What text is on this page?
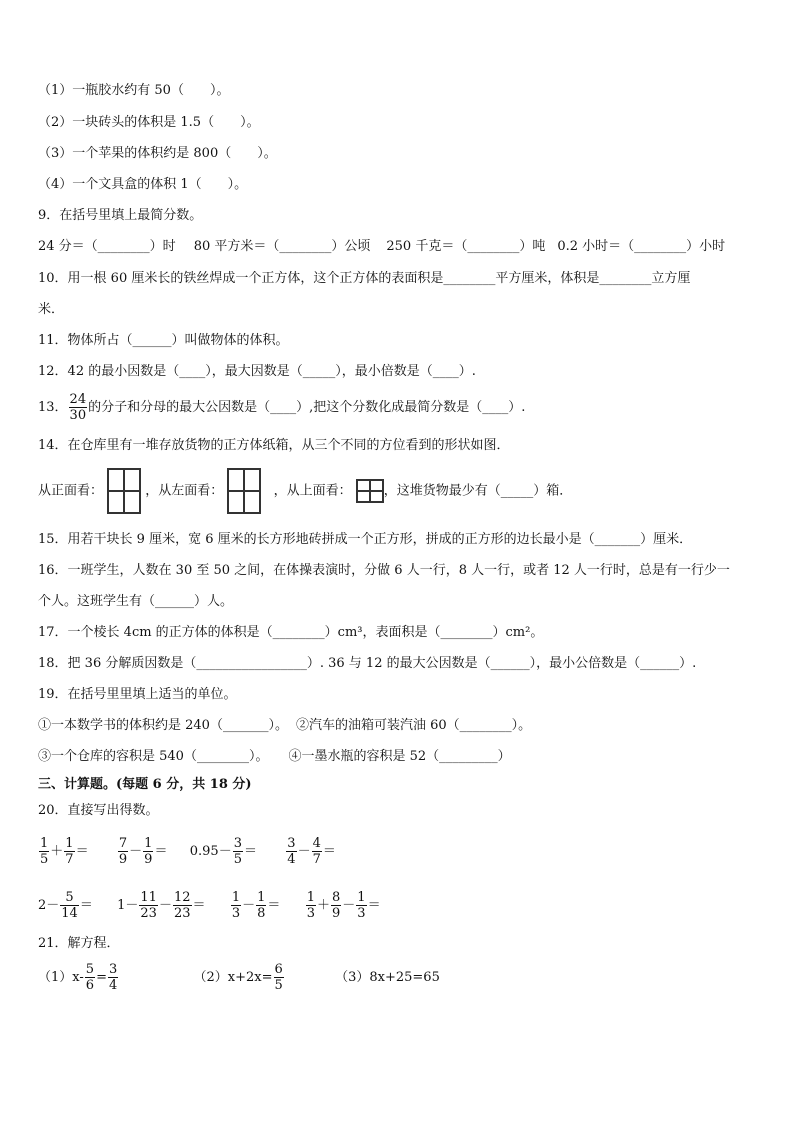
（1）一瓶胶水约有 50（　　）。
（2）一块砖头的体积是 1.5（　　）。
（3）一个苹果的体积约是 800（　　）。
（4）一个文具盒的体积 1（　　）。
9．在括号里填上最简分数。
24 分＝（________）时 80 平方米＝（________）公顷 250 千克＝（________）吨 0.2 小时＝（________）小时
10．用一根 60 厘米长的铁丝焊成一个正方体，这个正方体的表面积是________平方厘米，体积是________立方厘
米．
11．物体所占（______）叫做物体的体积。
12．42 的最小因数是（____），最大因数是（_____），最小倍数是（____）.
13． $\frac{24}{30}$ 的分子和分母的最大公因数是（____）,把这个分数化成最简分数是（____）.
14．在仓库里有一堆存放货物的正方体纸箱，从三个不同的方位看到的形状如图．
从正面看：	，从左面看：	，从上面看： ，这堆货物最少有（_____）箱．
15．用若干块长 9 厘米，宽 6 厘米的长方形地砖拼成一个正方形，拼成的正方形的边长最小是（_______）厘米．
16．一班学生，人数在 30 至 50 之间，在体操表演时，分做 6 人一行，8 人一行，或者 12 人一行时，总是有一行少一
个人。这班学生有（______）人。
17．一个棱长 4cm 的正方体的体积是（________）cm³，表面积是（________）cm²。
18．把 36 分解质因数是（_________________）. 36 与 12 的最大公因数是（______），最小公倍数是（______）.
19．在括号里里填上适当的单位。
①一本数学书的体积约是 240（_______）。 ②汽车的油箱可装汽油 60（________）。
③一个仓库的容积是 540（________）。 ④一墨水瓶的容积是 52（_________）
三、计算题。(每题 6 分，共 18 分)
20．直接写出得数。
$\frac{1}{5} + \frac{1}{7} = \frac{7}{9} - \frac{1}{9} = 0.95- \frac{3}{5} = \frac{3}{4} - \frac{4}{7}$ ＝
$2- \frac{5}{14} = 1- \frac{11}{23} - \frac{12}{23} = \frac{1}{3} - \frac{1}{8} = \frac{1}{3} + \frac{8}{9} - \frac{1}{3}$ ＝
21．解方程．
$(1)x- \frac{5}{6} = \frac{3}{4}$	$(2)x+2x= \frac{6}{5}$	（3）8x+25=65
